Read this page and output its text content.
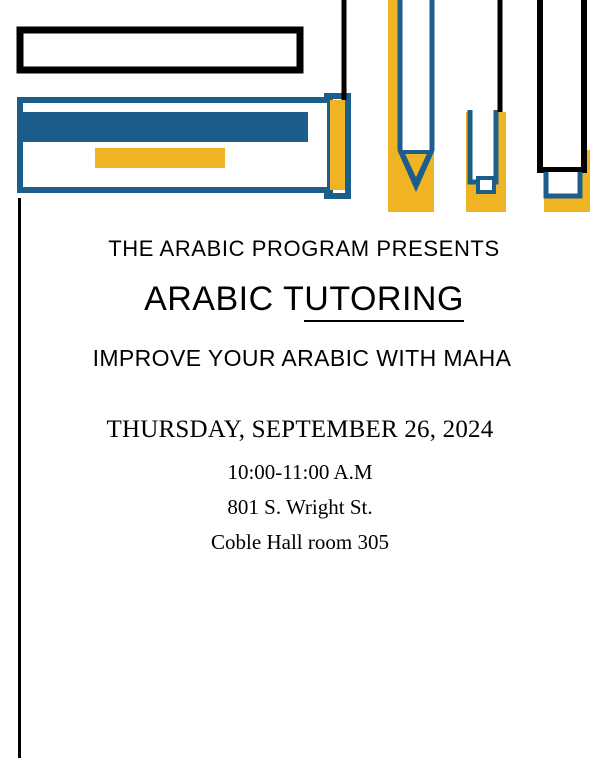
THE ARABIC PROGRAM PRESENTS

ARABIC TUTORING

IMPROVE YOUR ARABIC WITH MAHA

THURSDAY, SEPTEMBER 26, 2024

10:00-11:00 A.M

801 S. Wright St.

Coble Hall room 305
